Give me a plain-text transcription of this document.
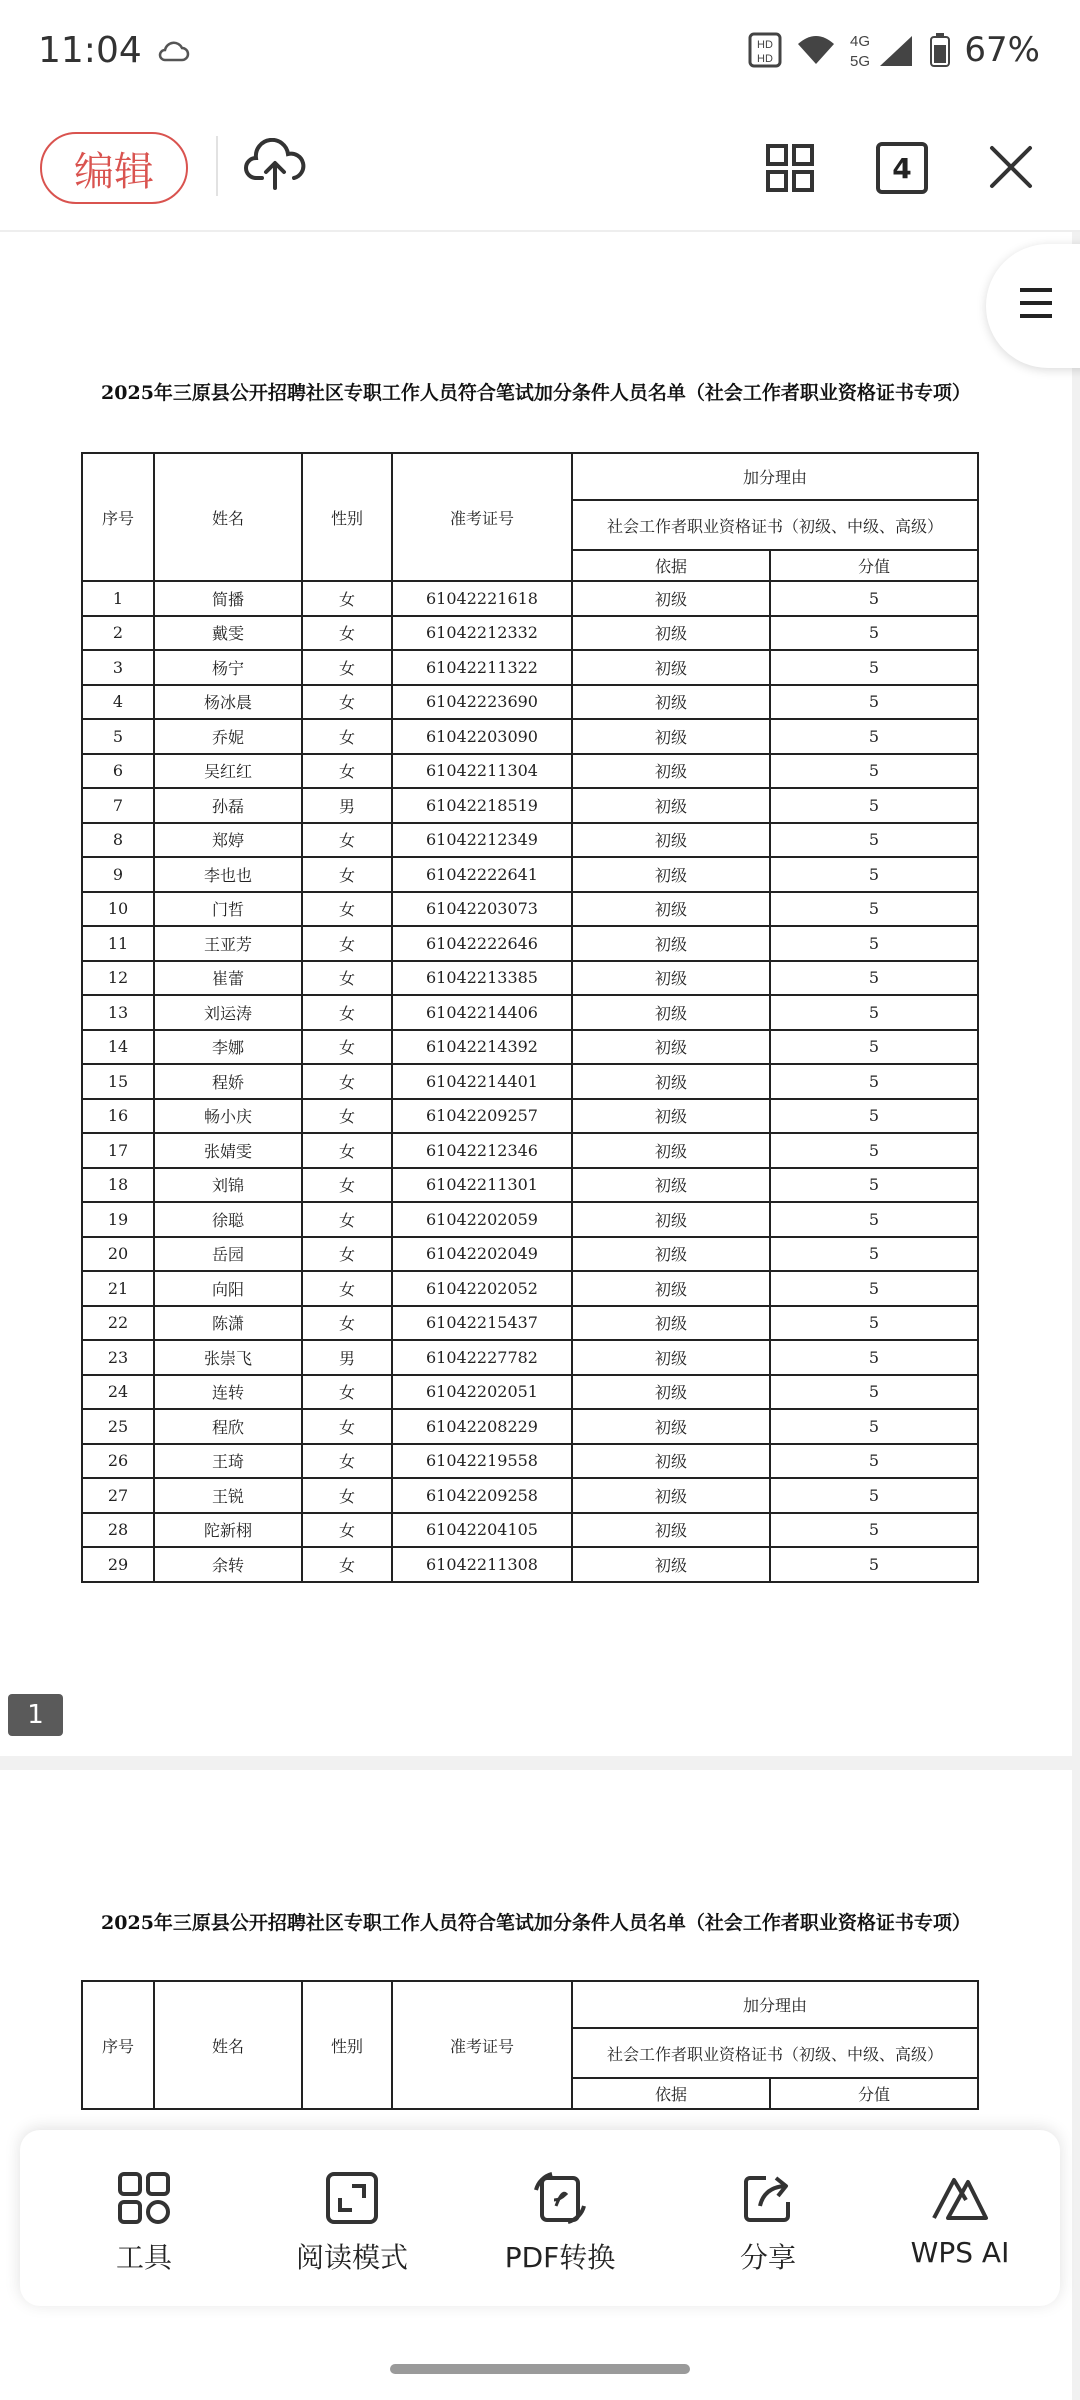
11:04	HD
HD
4G
5G	67%
编辑	4
2025年三原县公开招聘社区专职工作人员符合笔试加分条件人员名单（社会工作者职业资格证书专项）
序号	姓名	性别	准考证号	加分理由	
				社会工作者职业资格证书（初级、中级、高级）	
				依据	分值
1	简播	女	61042221618	初级	5
2	戴雯	女	61042212332	初级	5
3	杨宁	女	61042211322	初级	5
4	杨冰晨	女	61042223690	初级	5
5	乔妮	女	61042203090	初级	5
6	吴红红	女	61042211304	初级	5
7	孙磊	男	61042218519	初级	5
8	郑婷	女	61042212349	初级	5
9	李也也	女	61042222641	初级	5
10	门哲	女	61042203073	初级	5
11	王亚芳	女	61042222646	初级	5
12	崔蕾	女	61042213385	初级	5
13	刘运涛	女	61042214406	初级	5
14	李娜	女	61042214392	初级	5
15	程娇	女	61042214401	初级	5
16	畅小庆	女	61042209257	初级	5
17	张婧雯	女	61042212346	初级	5
18	刘锦	女	61042211301	初级	5
19	徐聪	女	61042202059	初级	5
20	岳园	女	61042202049	初级	5
21	向阳	女	61042202052	初级	5
22	陈潇	女	61042215437	初级	5
23	张崇飞	男	61042227782	初级	5
24	连转	女	61042202051	初级	5
25	程欣	女	61042208229	初级	5
26	王琦	女	61042219558	初级	5
27	王锐	女	61042209258	初级	5
28	陀新栩	女	61042204105	初级	5
29	余转	女	61042211308	初级	5
1
2025年三原县公开招聘社区专职工作人员符合笔试加分条件人员名单（社会工作者职业资格证书专项）
序号	姓名	性别	准考证号	加分理由	
				社会工作者职业资格证书（初级、中级、高级）	
				依据	分值
工具	阅读模式	PDF转换	分享	WPS AI
